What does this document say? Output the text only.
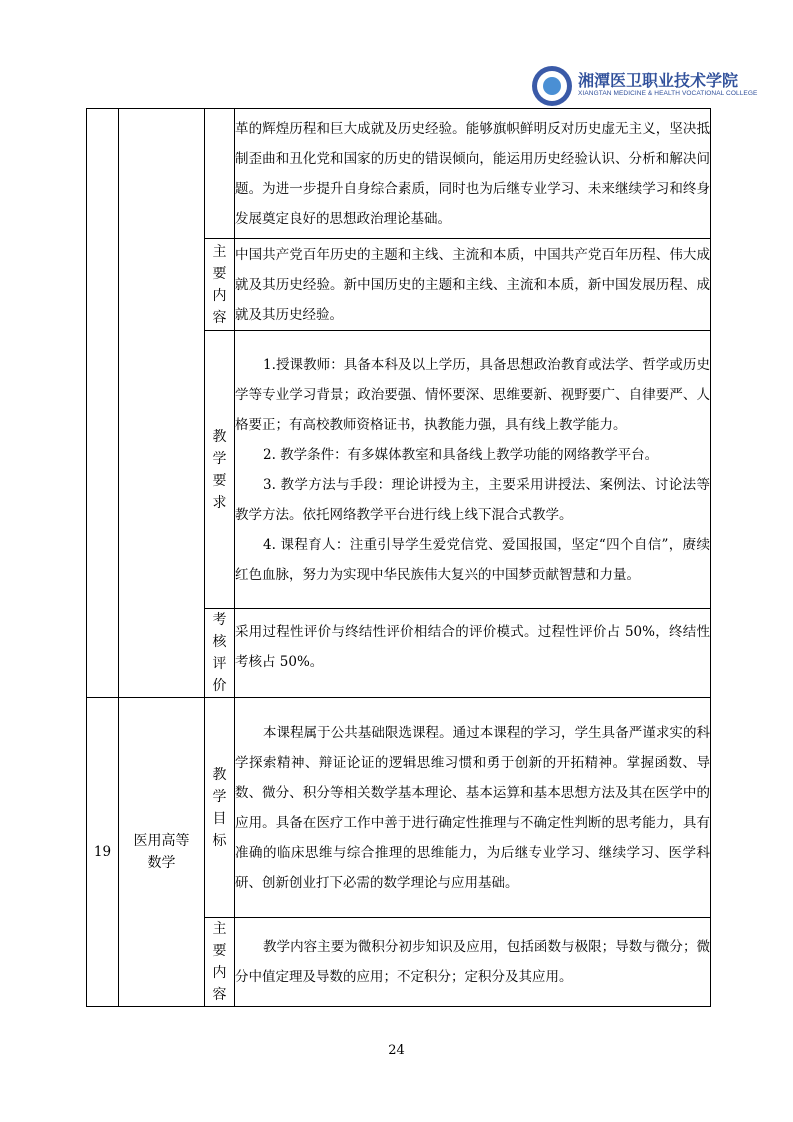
湘潭医卫职业技术学院
XIANGTAN MEDICINE & HEALTH VOCATIONAL COLLEGE

			革的辉煌历程和巨大成就及历史经验。能够旗帜鲜明反对历史虚无主义，坚决抵制歪曲和丑化党和国家的历史的错误倾向，能运用历史经验认识、分析和解决问题。为进一步提升自身综合素质，同时也为后继专业学习、未来继续学习和终身发展奠定良好的思想政治理论基础。

		主要内容	中国共产党百年历史的主题和主线、主流和本质，中国共产党百年历程、伟大成就及其历史经验。新中国历史的主题和主线、主流和本质，新中国发展历程、成就及其历史经验。

		教学要求	1.授课教师：具备本科及以上学历，具备思想政治教育或法学、哲学或历史学等专业学习背景；政治要强、情怀要深、思维要新、视野要广、自律要严、人格要正；有高校教师资格证书，执教能力强，具有线上教学能力。

2. 教学条件：有多媒体教室和具备线上教学功能的网络教学平台。

3. 教学方法与手段：理论讲授为主，主要采用讲授法、案例法、讨论法等教学方法。依托网络教学平台进行线上线下混合式教学。

4. 课程育人：注重引导学生爱党信党、爱国报国，坚定“四个自信”，赓续红色血脉，努力为实现中华民族伟大复兴的中国梦贡献智慧和力量。

		考核评价	采用过程性评价与终结性评价相结合的评价模式。过程性评价占 50%，终结性考核占 50%。

19	医用高等数学	教学目标	本课程属于公共基础限选课程。通过本课程的学习，学生具备严谨求实的科学探索精神、辩证论证的逻辑思维习惯和勇于创新的开拓精神。掌握函数、导数、微分、积分等相关数学基本理论、基本运算和基本思想方法及其在医学中的应用。具备在医疗工作中善于进行确定性推理与不确定性判断的思考能力，具有准确的临床思维与综合推理的思维能力，为后继专业学习、继续学习、医学科研、创新创业打下必需的数学理论与应用基础。

		主要内容	教学内容主要为微积分初步知识及应用，包括函数与极限；导数与微分；微分中值定理及导数的应用；不定积分；定积分及其应用。

24
